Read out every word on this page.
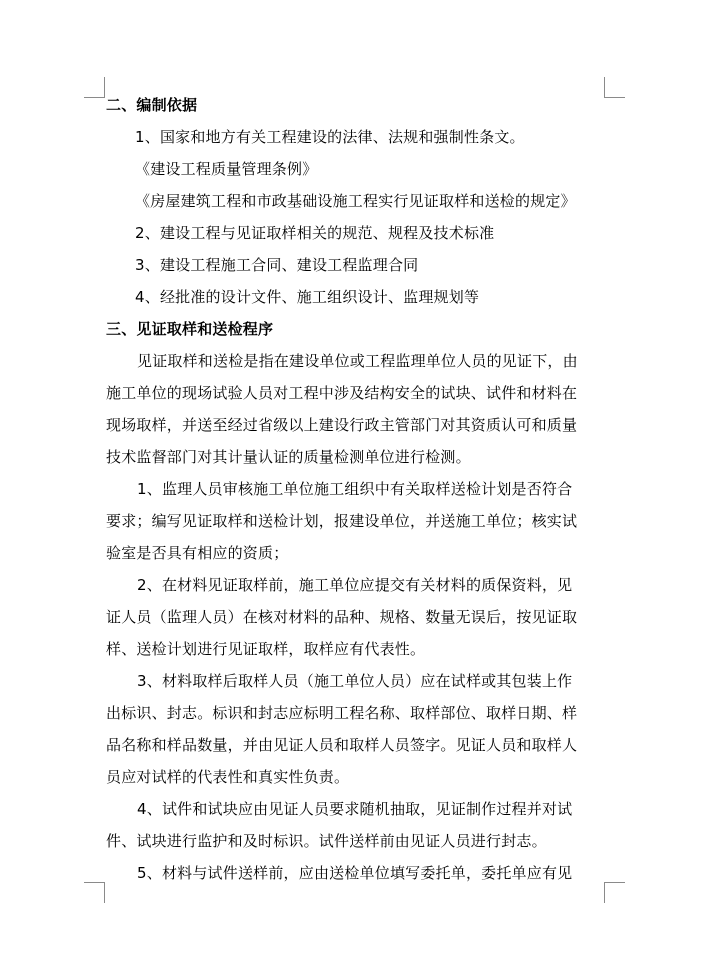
二、编制依据
1、国家和地方有关工程建设的法律、法规和强制性条文。
《建设工程质量管理条例》
《房屋建筑工程和市政基础设施工程实行见证取样和送检的规定》
2、建设工程与见证取样相关的规范、规程及技术标准
3、建设工程施工合同、建设工程监理合同
4、经批准的设计文件、施工组织设计、监理规划等
三、见证取样和送检程序
见证取样和送检是指在建设单位或工程监理单位人员的见证下，由
施工单位的现场试验人员对工程中涉及结构安全的试块、试件和材料在
现场取样，并送至经过省级以上建设行政主管部门对其资质认可和质量
技术监督部门对其计量认证的质量检测单位进行检测。
1、监理人员审核施工单位施工组织中有关取样送检计划是否符合
要求；编写见证取样和送检计划，报建设单位，并送施工单位；核实试
验室是否具有相应的资质；
2、在材料见证取样前，施工单位应提交有关材料的质保资料，见
证人员（监理人员）在核对材料的品种、规格、数量无误后，按见证取
样、送检计划进行见证取样，取样应有代表性。
3、材料取样后取样人员（施工单位人员）应在试样或其包装上作
出标识、封志。标识和封志应标明工程名称、取样部位、取样日期、样
品名称和样品数量，并由见证人员和取样人员签字。见证人员和取样人
员应对试样的代表性和真实性负责。
4、试件和试块应由见证人员要求随机抽取，见证制作过程并对试
件、试块进行监护和及时标识。试件送样前由见证人员进行封志。
5、材料与试件送样前，应由送检单位填写委托单，委托单应有见
